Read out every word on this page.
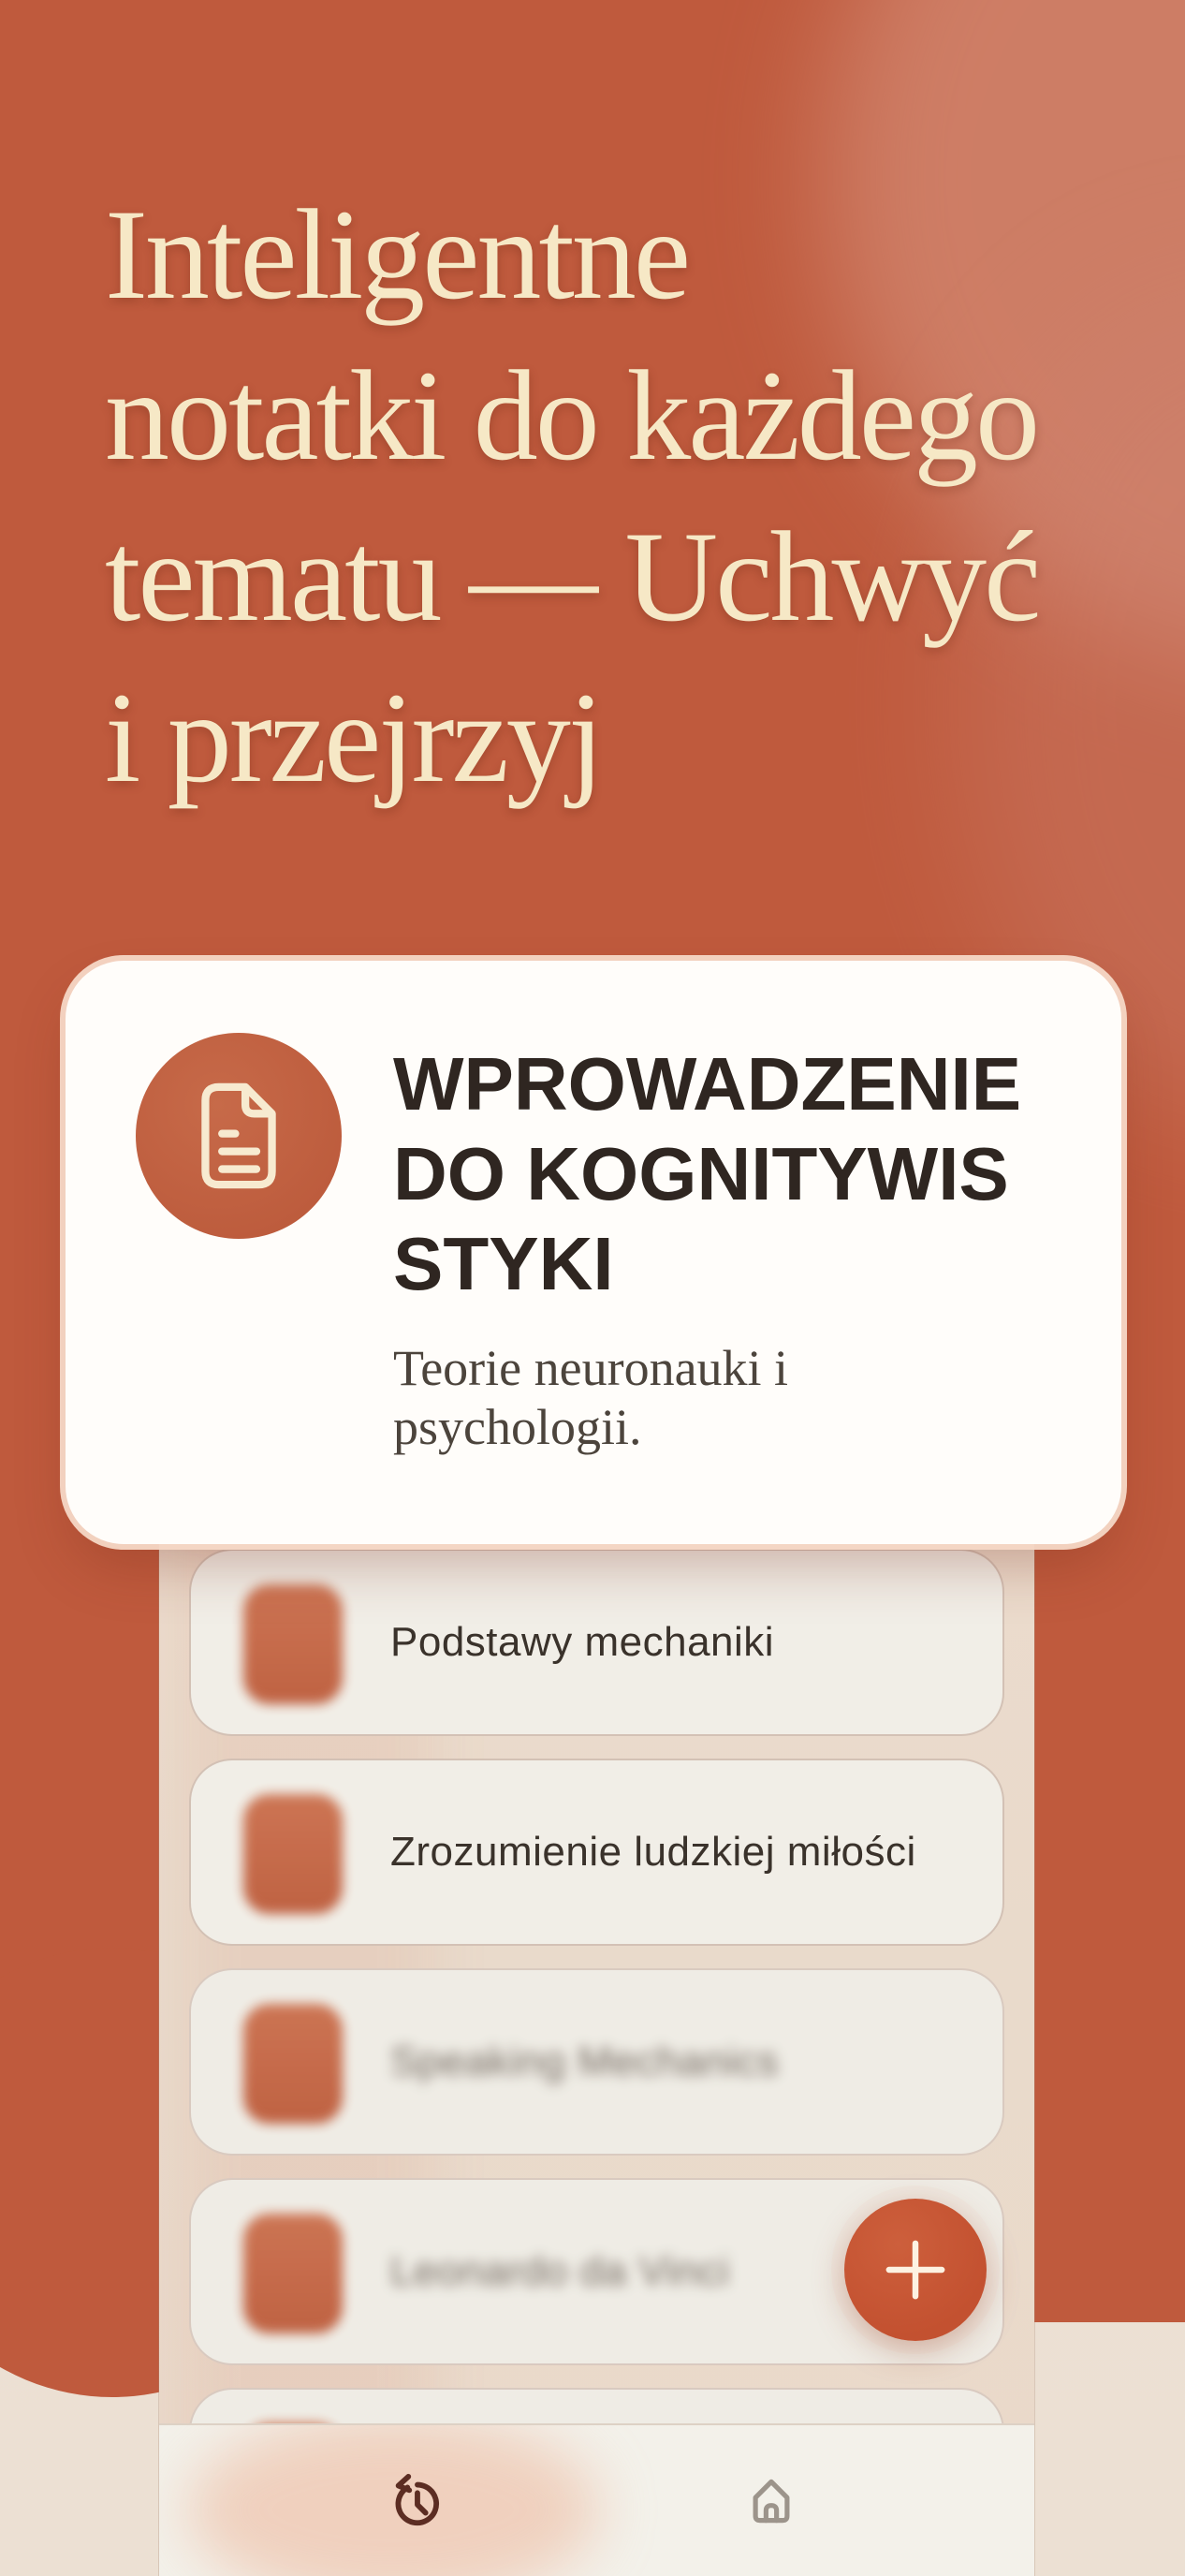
Inteligentne
notatki do każdego
tematu — Uchwyć
i przejrzyj
Podstawy mechaniki
Zrozumienie ludzkiej miłości
Speaking Mechanics
Leonardo da Vinci
WPROWADZENIE
DO KOGNITYWIS
STYKI
Teorie neuronauki i
psychologii.
